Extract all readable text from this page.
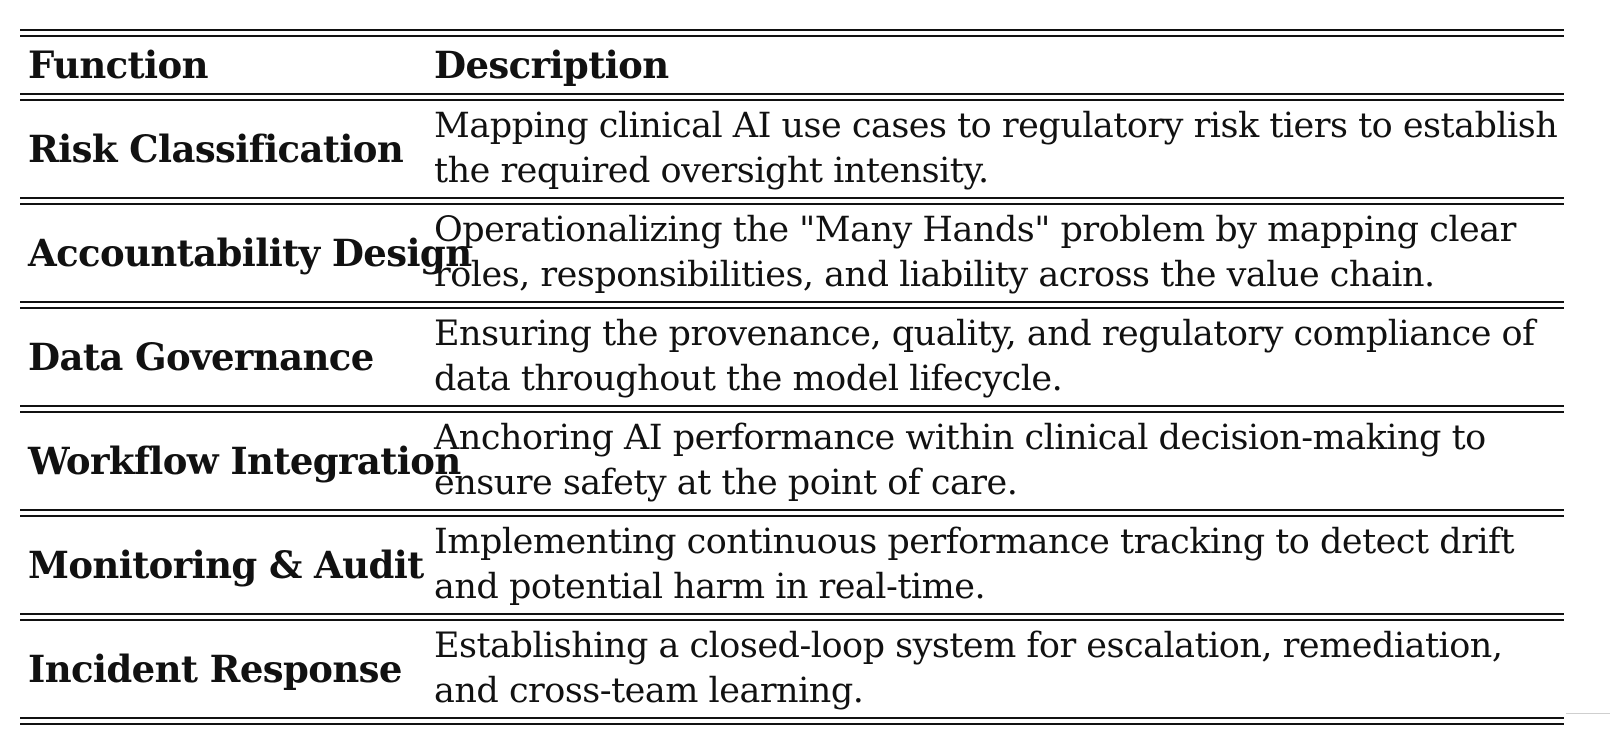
Function	Description
Risk Classification
Mapping clinical AI use cases to regulatory risk tiers to establish the required oversight intensity.
Accountability Design
Operationalizing the "Many Hands" problem by mapping clear roles, responsibilities, and liability across the value chain.
Data Governance
Ensuring the provenance, quality, and regulatory compliance of data throughout the model lifecycle.
Workflow Integration
Anchoring AI performance within clinical decision-making to ensure safety at the point of care.
Monitoring & Audit
Implementing continuous performance tracking to detect drift and potential harm in real-time.
Incident Response
Establishing a closed-loop system for escalation, remediation, and cross-team learning.
